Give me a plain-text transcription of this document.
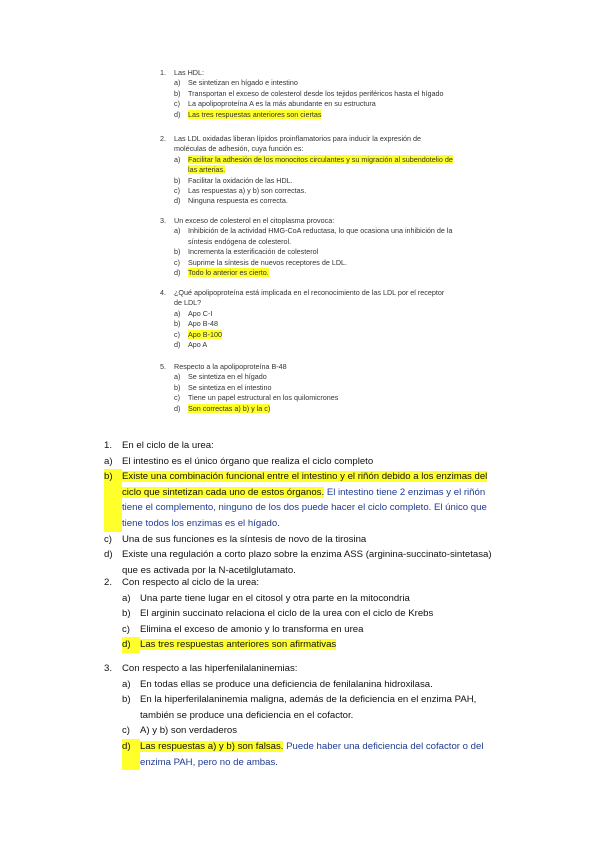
1.	Las HDL:
a)	Se sintetizan en hígado e intestino
b)	Transportan el exceso de colesterol desde los tejidos periféricos hasta el hígado
c)	La apolipoproteína A es la más abundante en su estructura
d)	Las tres respuestas anteriores son ciertas
2.	Las LDL oxidadas liberan lípidos proinflamatorios para inducir la expresión de
moléculas de adhesión, cuya función es:
a)	Facilitar la adhesión de los monocitos circulantes y su migración al subendotelio de
las arterias.
b)	Facilitar la oxidación de las HDL.
c)	Las respuestas a) y b) son correctas.
d)	Ninguna respuesta es correcta.
3.	Un exceso de colesterol en el citoplasma provoca:
a)	Inhibición de la actividad HMG-CoA reductasa, lo que ocasiona una inhibición de la
síntesis endógena de colesterol.
b)	Incrementa la esterificación de colesterol
c)	Suprime la síntesis de nuevos receptores de LDL.
d)	Todo lo anterior es cierto.
4.	¿Qué apolipoproteína está implicada en el reconocimiento de las LDL por el receptor
de LDL?
a)	Apo C-I
b)	Apo B-48
c)	Apo B-100
d)	Apo A
5.	Respecto a la apolipoproteína B-48
a)	Se sintetiza en el hígado
b)	Se sintetiza en el intestino
c)	Tiene un papel estructural en los quilomicrones
d)	Son correctas a) b) y la c)
1.	En el ciclo de la urea:
a) El intestino es el único órgano que realiza el ciclo completo
b) Existe una combinación funcional entre el intestino y el riñón debido a los enzimas del ciclo que sintetizan cada uno de estos órganos. El intestino tiene 2 enzimas y el riñón tiene el complemento, ninguno de los dos puede hacer el ciclo completo. El único que tiene todos los enzimas es el hígado.
c)	Una de sus funciones es la síntesis de novo de la tirosina
d) Existe una regulación a corto plazo sobre la enzima ASS (arginina-succinato-sintetasa) que es activada por la N-acetilglutamato.
2.	Con respecto al ciclo de la urea:
a) Una parte tiene lugar en el citosol y otra parte en la mitocondria
b) El arginin succinato relaciona el ciclo de la urea con el ciclo de Krebs
c)	Elimina el exceso de amonio y lo transforma en urea
d) Las tres respuestas anteriores son afirmativas
3.	Con respecto a las hiperfenilalaninemias:
a) En todas ellas se produce una deficiencia de fenilalanina hidroxilasa.
b) En la hiperferilalaninemia maligna, además de la deficiencia en el enzima PAH, también se produce una deficiencia en el cofactor.
c)	A) y b) son verdaderos
d) Las respuestas a) y b) son falsas. Puede haber una deficiencia del cofactor o del enzima PAH, pero no de ambas.
